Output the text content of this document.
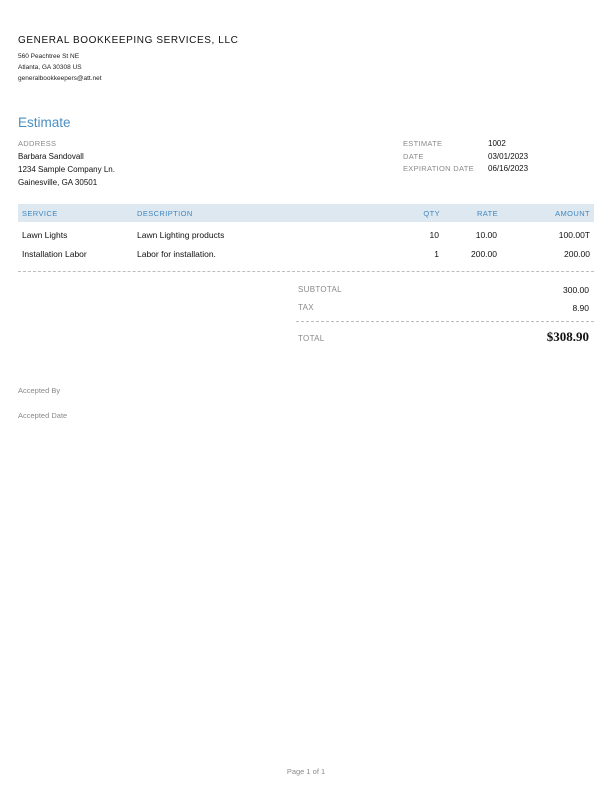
GENERAL BOOKKEEPING SERVICES, LLC
560 Peachtree St NE
Atlanta, GA 30308 US
generalbookkeepers@att.net
Estimate
ADDRESS
Barbara Sandovall
1234 Sample Company Ln.
Gainesville, GA 30501
ESTIMATE	1002
DATE	03/01/2023
EXPIRATION DATE 06/16/2023
SERVICE	DESCRIPTION	QTY	RATE	AMOUNT
Lawn Lights	Lawn Lighting products	10	10.00	100.00T
Installation Labor	Labor for installation.	1	200.00	200.00
SUBTOTAL	300.00
TAX	8.90
TOTAL	$308.90
Accepted By
Accepted Date
Page 1 of 1
